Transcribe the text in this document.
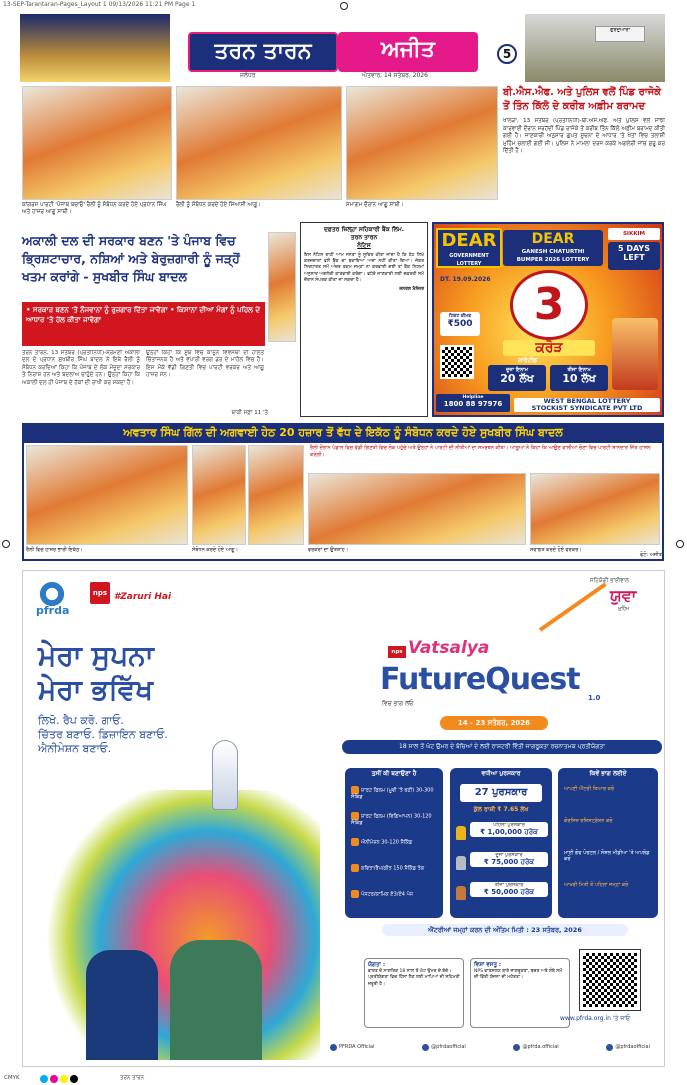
13-SEP-Tarantaran-Pages_Layout 1 09/13/2026 11:21 PM Page 1
ਤਰਨ ਤਾਰਨ	ਅਜੀਤ
ਜਲੰਧਰ	ਐਤਵਾਰ, 14 ਸਤੰਬਰ, 2026
5
ਗੁਰਦੁਆਰਾ
ਕਾਂਗਰਸ ਪਾਰਟੀ 'ਪੰਜਾਬ ਬਚਾਓ' ਰੈਲੀ ਨੂੰ ਸੰਬੋਧਨ ਕਰਦੇ ਹੋਏ ਪ੍ਰਧਾਨ ਸਿੰਘ ਅਤੇ ਹਾਜ਼ਰ ਆਗੂ ਸਾਥੀ।
ਰੈਲੀ ਨੂੰ ਸੰਬੋਧਨ ਕਰਦੇ ਹੋਏ ਸਿਆਸੀ ਆਗੂ।	ਸਮਾਗਮ ਦੌਰਾਨ ਆਗੂ ਸਾਥੀ।
ਬੀ.ਐਸ.ਐਫ. ਅਤੇ ਪੁਲਿਸ ਵਲੋਂ ਪਿੰਡ ਰਾਜੋਕੇ ਤੋਂ ਤਿੰਨ ਕਿੱਲੋ ਦੇ ਕਰੀਬ ਅਫ਼ੀਮ ਬਰਾਮਦ
ਖਾਲੜਾ, 13 ਸਤੰਬਰ (ਪ੍ਰਤੀਨਿਧੀ)-ਬੀ.ਐਸ.ਐਫ. ਅਤੇ ਪੁਲਿਸ ਵਲੋਂ ਸਾਂਝੀ ਕਾਰਵਾਈ ਦੌਰਾਨ ਸਰਹੱਦੀ ਪਿੰਡ ਰਾਜੋਕੇ ਤੋਂ ਕਰੀਬ ਤਿੰਨ ਕਿੱਲੋ ਅਫ਼ੀਮ ਬਰਾਮਦ ਕੀਤੀ ਗਈ ਹੈ। ਜਾਣਕਾਰੀ ਅਨੁਸਾਰ ਗੁਪਤ ਸੂਚਨਾ ਦੇ ਆਧਾਰ 'ਤੇ ਖੇਤਾਂ ਵਿਚ ਤਲਾਸ਼ੀ ਮੁਹਿੰਮ ਚਲਾਈ ਗਈ ਸੀ। ਪੁਲਿਸ ਨੇ ਮਾਮਲਾ ਦਰਜ ਕਰਕੇ ਅਗਲੇਰੀ ਜਾਂਚ ਸ਼ੁਰੂ ਕਰ ਦਿੱਤੀ ਹੈ।
ਅਕਾਲੀ ਦਲ ਦੀ ਸਰਕਾਰ ਬਣਨ 'ਤੇ ਪੰਜਾਬ ਵਿਚ ਭ੍ਰਿਸ਼ਟਾਚਾਰ, ਨਸ਼ਿਆਂ ਅਤੇ ਬੇਰੁਜ਼ਗਾਰੀ ਨੂੰ ਜੜ੍ਹੋਂ ਖਤਮ ਕਰਾਂਗੇ - ਸੁਖਬੀਰ ਸਿੰਘ ਬਾਦਲ
• ਸਰਕਾਰ ਬਣਨ 'ਤੇ ਨੌਜਵਾਨਾਂ ਨੂੰ ਰੁਜ਼ਗਾਰ ਦਿੱਤਾ ਜਾਵੇਗਾ • ਕਿਸਾਨਾਂ ਦੀਆਂ ਮੰਗਾਂ ਨੂੰ ਪਹਿਲ ਦੇ ਆਧਾਰ 'ਤੇ ਹੱਲ ਕੀਤਾ ਜਾਵੇਗਾ
ਤਰਨ ਤਾਰਨ, 13 ਸਤੰਬਰ (ਪ੍ਰਤੀਨਿਧੀ)-ਸ਼੍ਰੋਮਣੀ ਅਕਾਲੀ ਦਲ ਦੇ ਪ੍ਰਧਾਨ ਸੁਖਬੀਰ ਸਿੰਘ ਬਾਦਲ ਨੇ ਇਥੇ ਰੈਲੀ ਨੂੰ ਸੰਬੋਧਨ ਕਰਦਿਆਂ ਕਿਹਾ ਕਿ ਪੰਜਾਬ ਦੇ ਲੋਕ ਮੌਜੂਦਾ ਸਰਕਾਰ ਤੋਂ ਨਿਰਾਸ਼ ਹਨ ਅਤੇ ਬਦਲਾਅ ਚਾਹੁੰਦੇ ਹਨ। ਉਨ੍ਹਾਂ ਕਿਹਾ ਕਿ ਅਕਾਲੀ ਦਲ ਹੀ ਪੰਜਾਬ ਦੇ ਹੱਕਾਂ ਦੀ ਰਾਖੀ ਕਰ ਸਕਦਾ ਹੈ।
ਉਨ੍ਹਾਂ ਕਿਹਾ ਕਿ ਸੂਬੇ ਵਿਚ ਕਾਨੂੰਨ ਵਿਵਸਥਾ ਦੀ ਹਾਲਤ ਚਿੰਤਾਜਨਕ ਹੈ ਅਤੇ ਵਪਾਰੀ ਵਰਗ ਡਰ ਦੇ ਮਾਹੌਲ ਵਿਚ ਹੈ। ਇਸ ਮੌਕੇ ਵੱਡੀ ਗਿਣਤੀ ਵਿਚ ਪਾਰਟੀ ਵਰਕਰ ਅਤੇ ਆਗੂ ਹਾਜ਼ਰ ਸਨ।
ਬਾਕੀ ਸਫ਼ਾ 11 'ਤੇ
ਦਫ਼ਤਰ ਜ਼ਿਲ੍ਹਾ ਸਹਿਕਾਰੀ ਬੈਂਕ ਲਿਮ.
ਤਰਨ ਤਾਰਨ
ਨੋਟਿਸ
ਇਸ ਨੋਟਿਸ ਰਾਹੀਂ ਆਮ ਜਨਤਾ ਨੂੰ ਸੂਚਿਤ ਕੀਤਾ ਜਾਂਦਾ ਹੈ ਕਿ ਹੇਠ ਲਿਖੇ ਕਰਜ਼ਦਾਰਾਂ ਵਲੋਂ ਬੈਂਕ ਦਾ ਬਕਾਇਆ ਅਦਾ ਨਹੀਂ ਕੀਤਾ ਗਿਆ। ਜੇਕਰ ਨਿਰਧਾਰਤ ਸਮੇਂ ਅੰਦਰ ਰਕਮ ਜਮ੍ਹਾਂ ਨਾ ਕਰਵਾਈ ਗਈ ਤਾਂ ਬੈਂਕ ਨਿਯਮਾਂ ਅਨੁਸਾਰ ਅਗਲੇਰੀ ਕਾਰਵਾਈ ਕਰੇਗਾ। ਵਧੇਰੇ ਜਾਣਕਾਰੀ ਲਈ ਦਫ਼ਤਰੀ ਸਮੇਂ ਦੌਰਾਨ ਸੰਪਰਕ ਕੀਤਾ ਜਾ ਸਕਦਾ ਹੈ।
ਜਨਰਲ ਮੈਨੇਜਰ
DEAR
GOVERNMENT LOTTERY
DEAR
GANESH CHATURTHI
BUMPER 2026 LOTTERY
SIKKIM
5 DAYS LEFT
DT. 19.09.2026 3
ਕਰੋੜ
ਗਾਰੰਟੀਡ
ਟਿਕਟ ਕੀਮਤ
₹500
ਦੂਜਾ ਇਨਾਮ
20 ਲੱਖ
ਤੀਜਾ ਇਨਾਮ
10 ਲੱਖ
Helpline
1800 88 97976	WEST BENGAL LOTTERY
STOCKIST SYNDICATE PVT LTD
ਅਵਤਾਰ ਸਿੰਘ ਗਿੱਲ ਦੀ ਅਗਵਾਈ ਹੇਠ 20 ਹਜ਼ਾਰ ਤੋਂ ਵੱਧ ਦੇ ਇਕੱਠ ਨੂੰ ਸੰਬੋਧਨ ਕਰਦੇ ਹੋਏ ਸੁਖਬੀਰ ਸਿੰਘ ਬਾਦਲ
ਰੈਲੀ ਵਿਚ ਹਾਜ਼ਰ ਭਾਰੀ ਇਕੱਠ।	ਸੰਬੋਧਨ ਕਰਦੇ ਹੋਏ ਆਗੂ।
ਰੈਲੀ ਦੌਰਾਨ ਪੰਡਾਲ ਵਿਚ ਵੱਡੀ ਗਿਣਤੀ ਵਿਚ ਲੋਕ ਪਹੁੰਚੇ ਅਤੇ ਉਨ੍ਹਾਂ ਨੇ ਪਾਰਟੀ ਦੀ ਨੀਤੀਆਂ ਦਾ ਸਮਰਥਨ ਕੀਤਾ। ਆਗੂਆਂ ਨੇ ਕਿਹਾ ਕਿ ਆਉਣ ਵਾਲੀਆਂ ਚੋਣਾਂ ਵਿਚ ਪਾਰਟੀ ਸ਼ਾਨਦਾਰ ਜਿੱਤ ਹਾਸਲ ਕਰੇਗੀ।
ਵਰਕਰਾਂ ਦਾ ਉਤਸ਼ਾਹ।	ਸਵਾਗਤ ਕਰਦੇ ਹੋਏ ਵਰਕਰ।
ਫੋਟੋ: ਅਜੀਤ
pfrda
nps #Zaruri Hai
ਸਹਿਯੋਗੀ ਭਾਈਵਾਲ
ਯੁਵਾ
ਮੁਹਿੰਮ
ਮੇਰਾ ਸੁਪਨਾ
ਮੇਰਾ ਭਵਿੱਖ
ਲਿਖੋ. ਰੈਪ ਕਰੋ. ਗਾਓ.
ਚਿੱਤਰ ਬਣਾਓ. ਡਿਜ਼ਾਇਨ ਬਣਾਓ.
ਐਨੀਮੇਸ਼ਨ ਬਣਾਓ.
nps Vatsalya
FutureQuest
1.0
ਵਿਚ ਭਾਗ ਲਓ
14 - 23 ਸਤੰਬਰ, 2026
18 ਸਾਲ ਤੋਂ ਘੱਟ ਉਮਰ ਦੇ ਬੱਚਿਆਂ ਦੇ ਲਈ ਰਾਸ਼ਟਰੀ ਵਿੱਤੀ ਜਾਗਰੂਕਤਾ ਰਚਨਾਤਮਕ ਪ੍ਰਤੀਯੋਗਤਾ
ਤੁਸੀਂ ਕੀ ਬਣਾਉਣਾ ਹੈ
ਸ਼ਾਰਟ ਫਿਲਮ (ਮੂਵੀ 'ਤੇ ਬਣੀ) 30-300 ਸੈਕਿੰਡ
ਸ਼ਾਰਟ ਫਿਲਮ (ਵਿਗਿਆਪਨ) 30-120 ਸੈਕਿੰਡ
ਐਨੀਮੇਸ਼ਨ 30-120 ਸੈਕਿੰਡ
ਕਵਿਤਾ/ਰੈਪ/ਗੀਤ 150 ਸੈਕਿੰਡ ਤੱਕ
ਪੋਸਟਰ/ਕਾਮਿਕ ਏ3/ਏ4 ਪੇਜ
ਵਧੀਆ ਪੁਰਸਕਾਰ
27 ਪੁਰਸਕਾਰ
ਕੁੱਲ ਰਾਸ਼ੀ ₹ 7.65 ਲੱਖ
ਪਹਿਲਾ ਪੁਰਸਕਾਰ
₹ 1,00,000 ਹਰੇਕ
ਦੂਜਾ ਪੁਰਸਕਾਰ
₹ 75,000 ਹਰੇਕ
ਤੀਜਾ ਪੁਰਸਕਾਰ
₹ 50,000 ਹਰੇਕ
ਕਿਵੇਂ ਭਾਗ ਲਈਏ
ਆਪਣੀ ਐਂਟਰੀ ਤਿਆਰ ਕਰੋ
ਕੋਰਸਿਜ਼ ਰਜ਼ਿਸਟ੍ਰੇਸ਼ਨ ਕਰੋ
ਮਾਈ ਗੋਵ ਪੋਰਟਲ / ਸੋਸ਼ਲ ਮੀਡੀਆ 'ਤੇ ਅਪਲੋਡ ਕਰੋ
ਆਖਰੀ ਮਿਤੀ ਤੋਂ ਪਹਿਲਾਂ ਜਮ੍ਹਾਂ ਕਰੋ
ਐਂਟਰੀਆਂ ਜਮ੍ਹਾਂ ਕਰਨ ਦੀ ਅੰਤਿਮ ਮਿਤੀ : 23 ਸਤੰਬਰ, 2026
ਯੋਗਤਾ :
ਭਾਰਤ ਦੇ ਨਾਗਰਿਕ 18 ਸਾਲ ਤੋਂ ਘੱਟ ਉਮਰ ਦੇ ਬੱਚੇ। ਪ੍ਰਤੀਯੋਗਤਾ ਵਿਚ ਹਿੱਸਾ ਲੈਣ ਲਈ ਮਾਪਿਆਂ ਦੀ ਸਹਿਮਤੀ ਜ਼ਰੂਰੀ ਹੈ।
ਵਿਸ਼ਾ ਵਸਤੂ :
NPS ਵਾਤਸਲਯ ਬਾਰੇ ਜਾਗਰੂਕਤਾ, ਬਚਤ ਅਤੇ ਲੰਬੇ ਸਮੇਂ ਦੀ ਵਿੱਤੀ ਯੋਜਨਾ ਦੀ ਮਹੱਤਤਾ।
www.pfrda.org.in 'ਤੇ ਜਾਓ
PFRDA Official	@pfrdaofficial	@pfrda.official	@pfrdaofficial
CMYK	ਤਰਨ ਤਾਰਨ
